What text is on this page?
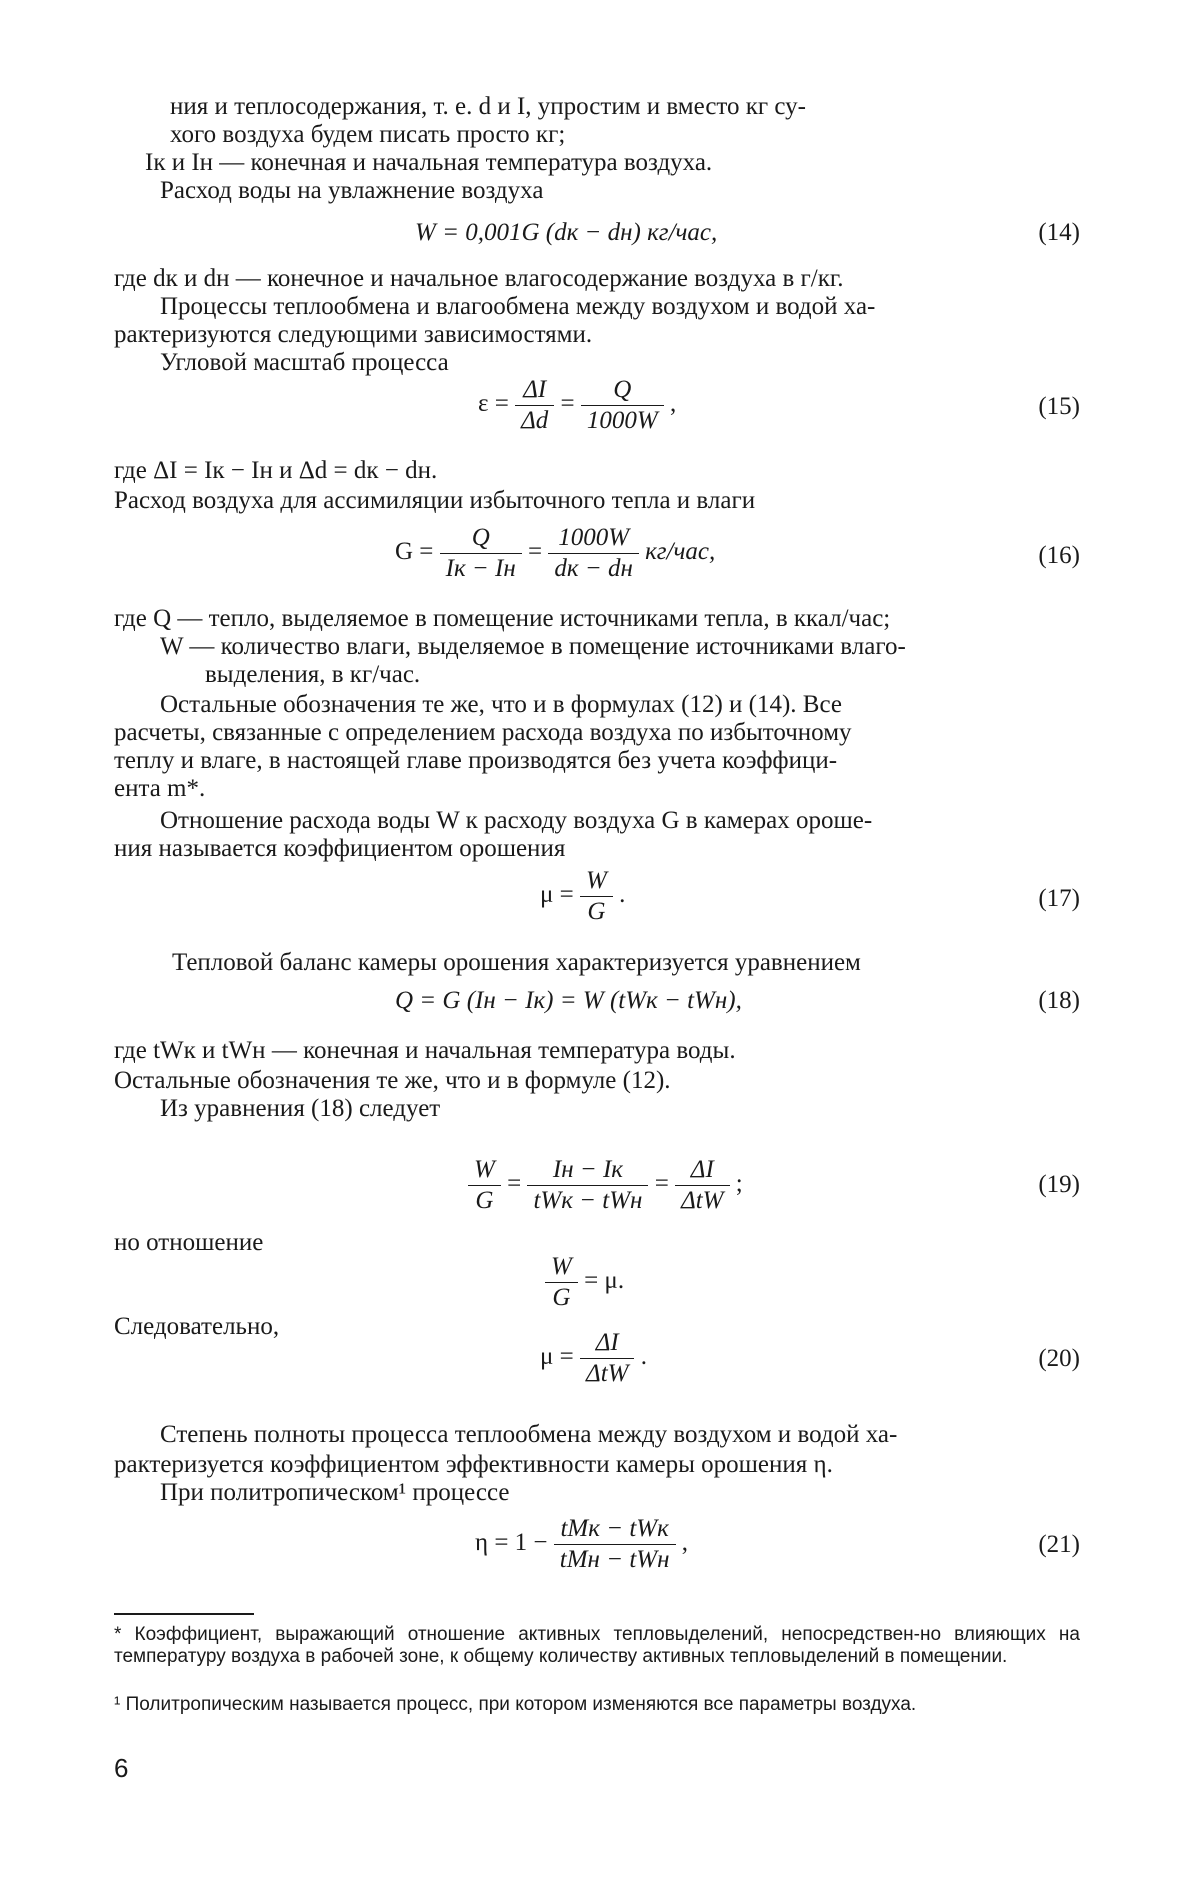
ния и теплосодержания, т. е. d и I, упростим и вместо кг су-
хого воздуха будем писать просто кг;
Iк и Iн — конечная и начальная температура воздуха.
Расход воды на увлажнение воздуха
W = 0,001G (dк − dн) кг/час,	(14)
где dк и dн — конечное и начальное влагосодержание воздуха в г/кг.
Процессы теплообмена и влагообмена между воздухом и водой ха-
рактеризуются следующими зависимостями.
Угловой масштаб процесса
$\varepsilon = \frac{\Delta I}{\Delta d} = \frac{Q}{1000W}$ ,	(15)
где ΔI = Iк − Iн и Δd = dк − dн.
Расход воздуха для ассимиляции избыточного тепла и влаги
$G = \frac{Q}{Iк - Iн} = \frac{1000W}{dк - dн} кг/час$,	(16)
где Q — тепло, выделяемое в помещение источниками тепла, в ккал/час;
W — количество влаги, выделяемое в помещение источниками влаго-
выделения, в кг/час.
Остальные обозначения те же, что и в формулах (12) и (14). Все
расчеты, связанные с определением расхода воздуха по избыточному
теплу и влаге, в настоящей главе производятся без учета коэффици-
ента m*.
Отношение расхода воды W к расходу воздуха G в камерах ороше-
ния называется коэффициентом орошения
$\mu = \frac{W}{G}$ .	(17)
Тепловой баланс камеры орошения характеризуется уравнением
Q = G (Iн − Iк) = W (tWк − tWн),	(18)
где tWк и tWн — конечная и начальная температура воды.
Остальные обозначения те же, что и в формуле (12).
Из уравнения (18) следует
$\frac{W}{G} = \frac{Iн - Iк}{\text{tWк − tWн}} = \frac{\Delta I}{\text{ΔtW}}$ ;	(19)
но отношение
$\frac{W}{G} = \mu$.
Следовательно,
$\mu = \frac{\Delta I}{\text{ΔtW}}$ .	(20)
Степень полноты процесса теплообмена между воздухом и водой ха-
рактеризуется коэффициентом эффективности камеры орошения η.
При политропическом¹ процессе
$\eta = 1 - \frac{\text{tMк − tWк}}{\text{tMн − tWн}}$ ,	(21)

* Коэффициент, выражающий отношение активных тепловыделений, непосредствен-но влияющих на температуру воздуха в рабочей зоне, к общему количеству активных тепловыделений в помещении.

¹ Политропическим называется процесс, при котором изменяются все параметры воздуха.

6
